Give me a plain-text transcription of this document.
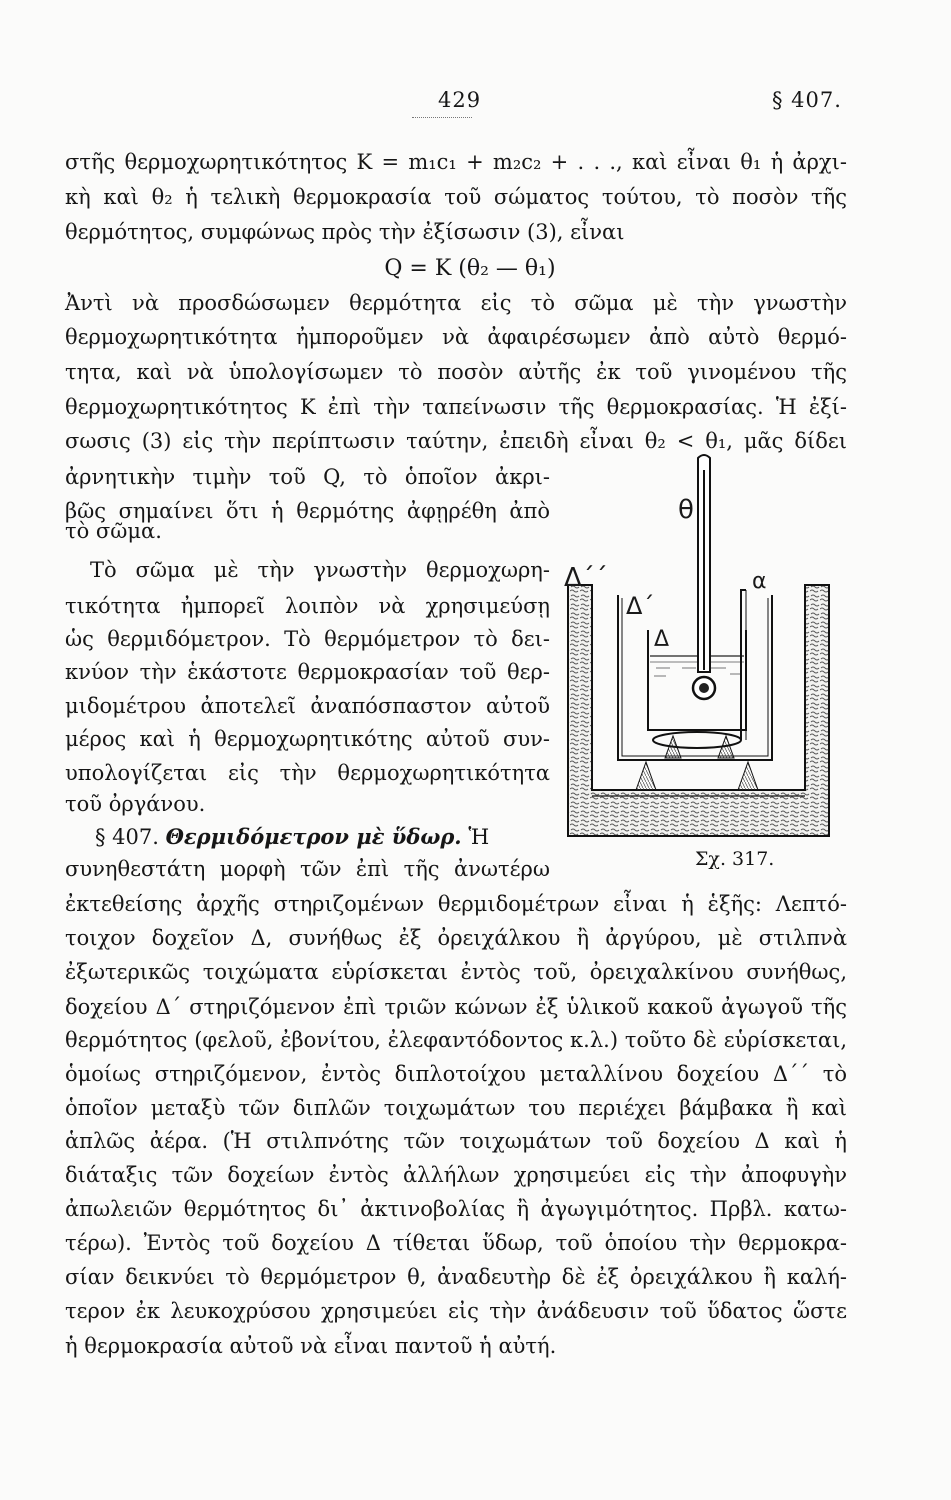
429	§ 407.
στῆς θερμοχωρητικότητος K = m₁c₁ + m₂c₂ + . . ., καὶ εἶναι θ₁ ἡ ἀρχι-
κὴ καὶ θ₂ ἡ τελικὴ θερμοκρασία τοῦ σώματος τούτου, τὸ ποσὸν τῆς
θερμότητος, συμφώνως πρὸς τὴν ἐξίσωσιν (3), εἶναι
Q = K (θ₂ — θ₁)
Ἀντὶ νὰ προσδώσωμεν θερμότητα εἰς τὸ σῶμα μὲ τὴν γνωστὴν
θερμοχωρητικότητα ἠμποροῦμεν νὰ ἀφαιρέσωμεν ἀπὸ αὐτὸ θερμό-
τητα, καὶ νὰ ὑπολογίσωμεν τὸ ποσὸν αὐτῆς ἐκ τοῦ γινομένου τῆς
θερμοχωρητικότητος K ἐπὶ τὴν ταπείνωσιν τῆς θερμοκρασίας. Ἡ ἐξί-
σωσις (3) εἰς τὴν περίπτωσιν ταύτην, ἐπειδὴ εἶναι θ₂ < θ₁, μᾶς δίδει
ἀρνητικὴν τιμὴν τοῦ Q, τὸ ὁποῖον ἀκρι-
βῶς σημαίνει ὅτι ἡ θερμότης ἀφῃρέθη ἀπὸ
τὸ σῶμα.
Τὸ σῶμα μὲ τὴν γνωστὴν θερμοχωρη-
τικότητα ἠμπορεῖ λοιπὸν νὰ χρησιμεύσῃ
ὡς θερμιδόμετρον. Τὸ θερμόμετρον τὸ δει-
κνύον τὴν ἑκάστοτε θερμοκρασίαν τοῦ θερ-
μιδομέτρου ἀποτελεῖ ἀναπόσπαστον αὐτοῦ
μέρος καὶ ἡ θερμοχωρητικότης αὐτοῦ συν-
υπολογίζεται εἰς τὴν θερμοχωρητικότητα
τοῦ ὀργάνου.
§ 407. Θερμιδόμετρον μὲ ὕδωρ. Ἡ
συνηθεστάτη μορφὴ τῶν ἐπὶ τῆς ἀνωτέρω
ἐκτεθείσης ἀρχῆς στηριζομένων θερμιδομέτρων εἶναι ἡ ἑξῆς: Λεπτό-
τοιχον δοχεῖον Δ, συνήθως ἐξ ὀρειχάλκου ἢ ἀργύρου, μὲ στιλπνὰ
ἐξωτερικῶς τοιχώματα εὑρίσκεται ἐντὸς τοῦ, ὀρειχαλκίνου συνήθως,
δοχείου Δ΄ στηριζόμενον ἐπὶ τριῶν κώνων ἐξ ὑλικοῦ κακοῦ ἀγωγοῦ τῆς
θερμότητος (φελοῦ, ἐβονίτου, ἐλεφαντόδοντος κ.λ.) τοῦτο δὲ εὑρίσκεται,
ὁμοίως στηριζόμενον, ἐντὸς διπλοτοίχου μεταλλίνου δοχείου Δ΄΄ τὸ
ὁποῖον μεταξὺ τῶν διπλῶν τοιχωμάτων του περιέχει βάμβακα ἢ καὶ
ἁπλῶς ἀέρα. (Ἡ στιλπνότης τῶν τοιχωμάτων τοῦ δοχείου Δ καὶ ἡ
διάταξις τῶν δοχείων ἐντὸς ἀλλήλων χρησιμεύει εἰς τὴν ἀποφυγὴν
ἀπωλειῶν θερμότητος δι᾽ ἀκτινοβολίας ἢ ἀγωγιμότητος. Πρβλ. κατω-
τέρω). Ἐντὸς τοῦ δοχείου Δ τίθεται ὕδωρ, τοῦ ὁποίου τὴν θερμοκρα-
σίαν δεικνύει τὸ θερμόμετρον θ, ἀναδευτὴρ δὲ ἐξ ὀρειχάλκου ἢ καλή-
τερον ἐκ λευκοχρύσου χρησιμεύει εἰς τὴν ἀνάδευσιν τοῦ ὕδατος ὥστε
ἡ θερμοκρασία αὐτοῦ νὰ εἶναι παντοῦ ἡ αὐτή.
Δ΄΄
Δ΄
Δ
θ
α
Σχ. 317.
